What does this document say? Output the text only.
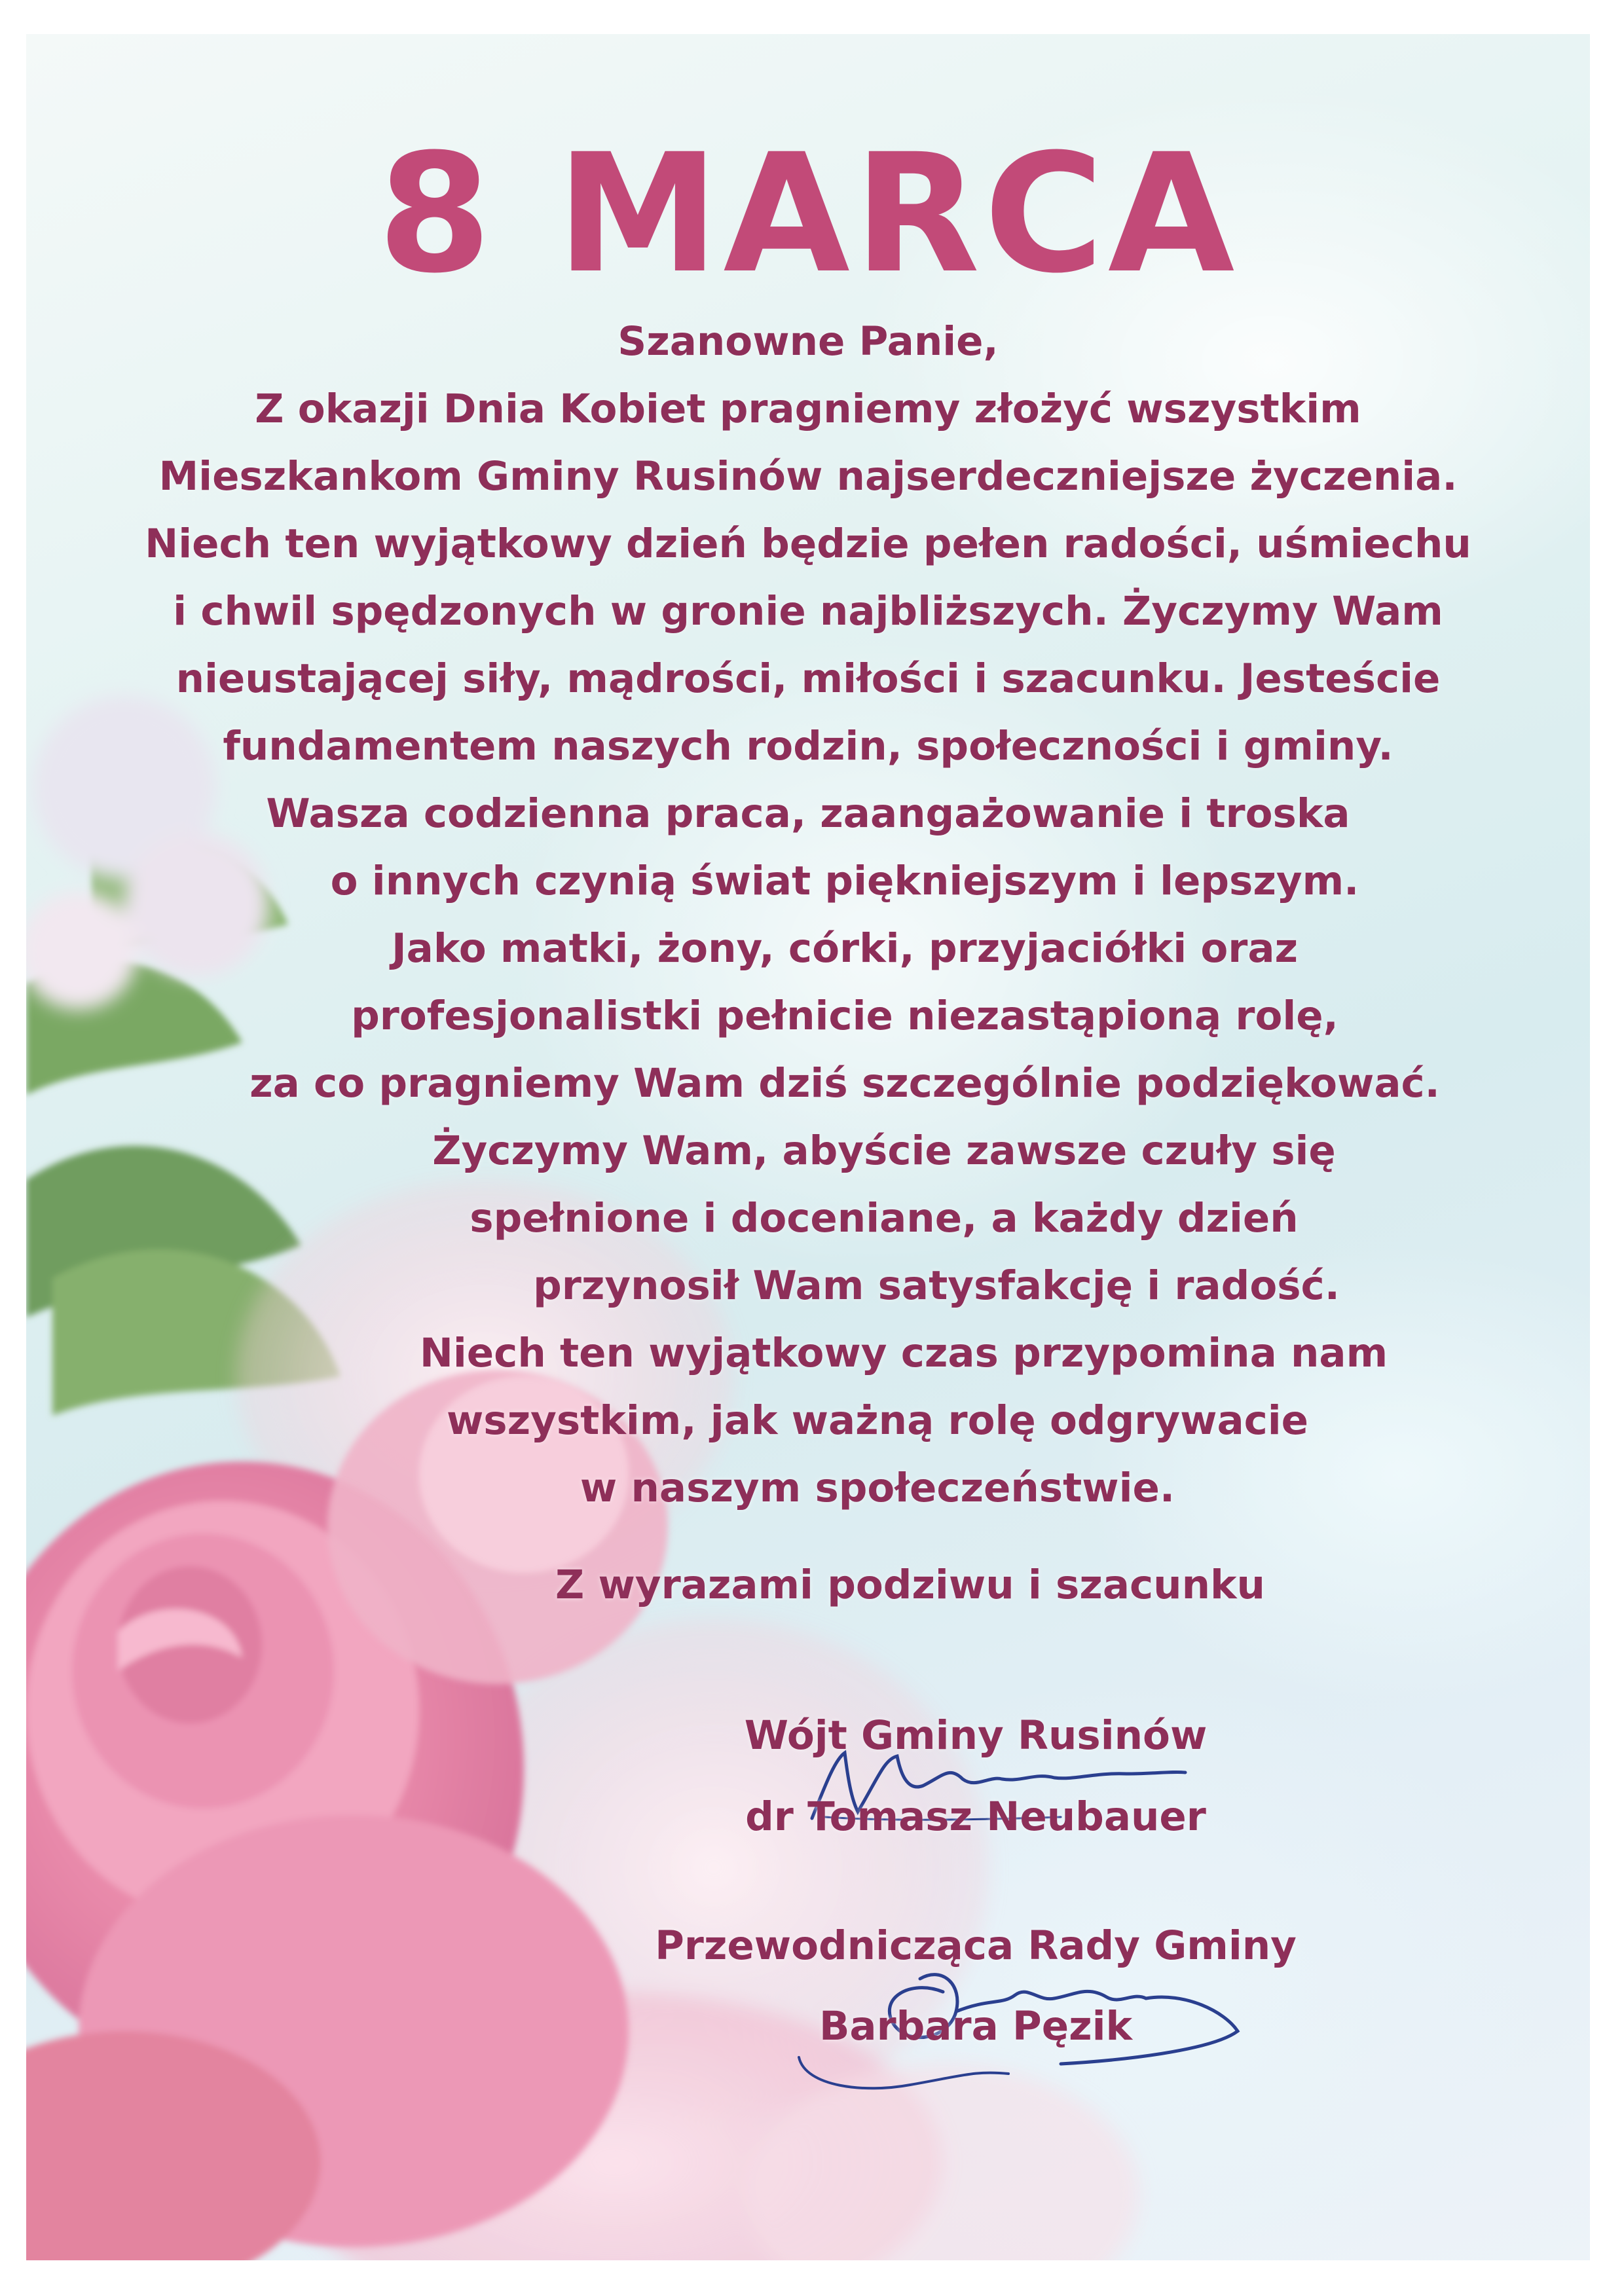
8 MARCA
Szanowne Panie,
Z okazji Dnia Kobiet pragniemy złożyć wszystkim
Mieszkankom Gminy Rusinów najserdeczniejsze życzenia.
Niech ten wyjątkowy dzień będzie pełen radości, uśmiechu
i chwil spędzonych w gronie najbliższych. Życzymy Wam
nieustającej siły, mądrości, miłości i szacunku. Jesteście
fundamentem naszych rodzin, społeczności i gminy.
Wasza codzienna praca, zaangażowanie i troska
o innych czynią świat piękniejszym i lepszym.
Jako matki, żony, córki, przyjaciółki oraz
profesjonalistki pełnicie niezastąpioną rolę,
za co pragniemy Wam dziś szczególnie podziękować.
Życzymy Wam, abyście zawsze czuły się
spełnione i doceniane, a każdy dzień
przynosił Wam satysfakcję i radość.
Niech ten wyjątkowy czas przypomina nam
wszystkim, jak ważną rolę odgrywacie
w naszym społeczeństwie.
Z wyrazami podziwu i szacunku
Wójt Gminy Rusinów
dr Tomasz Neubauer
Przewodnicząca Rady Gminy
Barbara Pęzik
